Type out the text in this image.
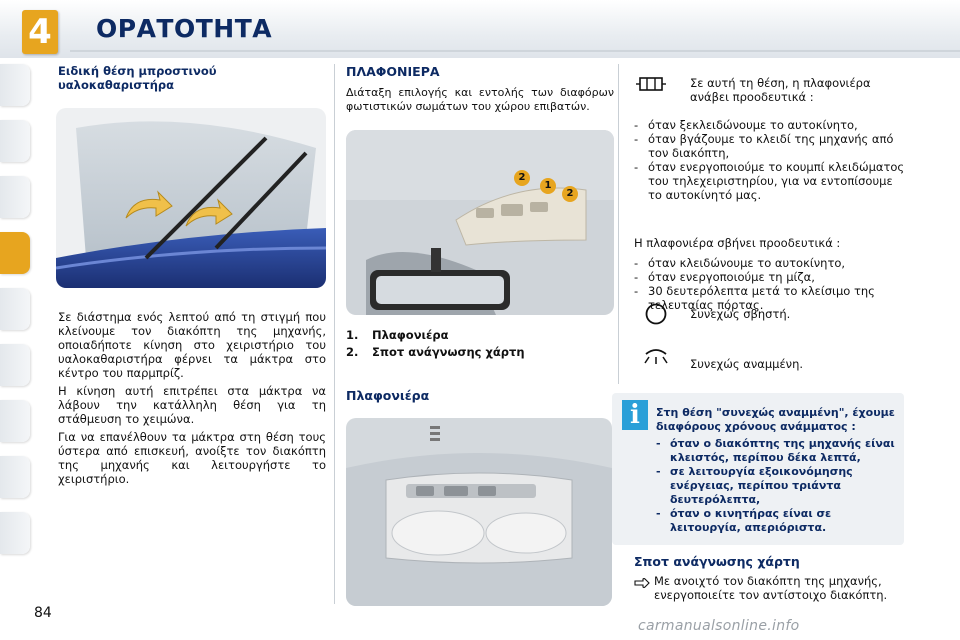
4 ΟΡΑΤΟΤΗΤΑ
Ειδική θέση μπροστινού υαλοκαθαριστήρα

Σε διάστημα ενός λεπτού από τη στιγμή που κλείνουμε τον διακόπτη της μηχανής, οποιαδήποτε κίνηση στο χειριστήριο του υαλοκαθαριστήρα φέρνει τα μάκτρα στο κέντρο του παρμπρίζ.

Η κίνηση αυτή επιτρέπει στα μάκτρα να λάβουν την κατάλληλη θέση για τη στάθμευση το χειμώνα.

Για να επανέλθουν τα μάκτρα στη θέση τους ύστερα από επισκευή, ανοίξτε τον διακόπτη της μηχανής και λειτουργήστε το χειριστήριο.

ΠΛΑΦΟΝΙΕΡΑ
Διάταξη επιλογής και εντολής των διαφόρων φωτιστικών σωμάτων του χώρου επιβατών.
2
1
2
1. Πλαφονιέρα
2. Σποτ ανάγνωσης χάρτη
Πλαφονιέρα
Σε αυτή τη θέση, η πλαφονιέρα ανάβει προοδευτικά :
- όταν ξεκλειδώνουμε το αυτοκίνητο,
- όταν βγάζουμε το κλειδί της μηχανής από τον διακόπτη,
- όταν ενεργοποιούμε το κουμπί κλειδώματος του τηλεχειριστηρίου, για να εντοπίσουμε το αυτοκίνητό μας.
Η πλαφονιέρα σβήνει προοδευτικά :
- όταν κλειδώνουμε το αυτοκίνητο,
- όταν ενεργοποιούμε τη μίζα,
- 30 δευτερόλεπτα μετά το κλείσιμο της τελευταίας πόρτας.
Συνεχώς σβηστή.
Συνεχώς αναμμένη.
i	Στη θέση "συνεχώς αναμμένη", έχουμε διαφόρους χρόνους ανάμματος :
- όταν ο διακόπτης της μηχανής είναι κλειστός, περίπου δέκα λεπτά,
- σε λειτουργία εξοικονόμησης ενέργειας, περίπου τριάντα δευτερόλεπτα,
- όταν ο κινητήρας είναι σε λειτουργία, απεριόριστα.
Σποτ ανάγνωσης χάρτη
Με ανοιχτό τον διακόπτη της μηχανής, ενεργοποιείτε τον αντίστοιχο διακόπτη.
84
carmanualsonline.info
